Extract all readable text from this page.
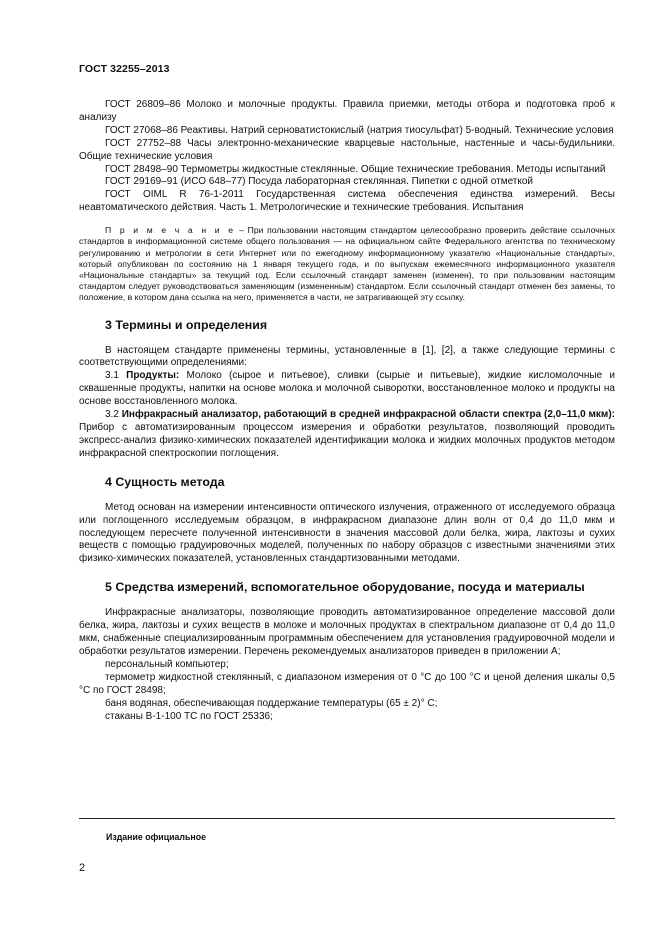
ГОСТ 32255–2013

ГОСТ 26809–86 Молоко и молочные продукты. Правила приемки, методы отбора и подготовка проб к анализу

ГОСТ 27068–86 Реактивы. Натрий серноватистокислый (натрия тиосульфат) 5-водный. Технические условия

ГОСТ 27752–88 Часы электронно-механические кварцевые настольные, настенные и часы-будильники. Общие технические условия

ГОСТ 28498–90 Термометры жидкостные стеклянные. Общие технические требования. Методы испытаний

ГОСТ 29169–91 (ИСО 648–77) Посуда лабораторная стеклянная. Пипетки с одной отметкой

ГОСТ OIML R 76-1-2011 Государственная система обеспечения единства измерений. Весы неавтоматического действия. Часть 1. Метрологические и технические требования. Испытания

П р и м е ч а н и е – При пользовании настоящим стандартом целесообразно проверить действие ссылочных стандартов в информационной системе общего пользования — на официальном сайте Федерального агентства по техническому регулированию и метрологии в сети Интернет или по ежегодному информационному указателю «Национальные стандарты», который опубликован по состоянию на 1 января текущего года, и по выпускам ежемесячного информационного указателя «Национальные стандарты» за текущий год. Если ссылочный стандарт заменен (изменен), то при пользовании настоящим стандартом следует руководствоваться заменяющим (измененным) стандартом. Если ссылочный стандарт отменен без замены, то положение, в котором дана ссылка на него, применяется в части, не затрагивающей эту ссылку.

3 Термины и определения

В настоящем стандарте применены термины, установленные в [1], [2], а также следующие термины с соответствующими определениями:

3.1 Продукты: Молоко (сырое и питьевое), сливки (сырые и питьевые), жидкие кисломолочные и сквашенные продукты, напитки на основе молока и молочной сыворотки, восстановленное молоко и продукты на основе восстановленного молока.

3.2 Инфракрасный анализатор, работающий в средней инфракрасной области спектра (2,0–11,0 мкм): Прибор с автоматизированным процессом измерения и обработки результатов, позволяющий проводить экспресс-анализ физико-химических показателей идентификации молока и жидких молочных продуктов методом инфракрасной спектроскопии поглощения.

4 Сущность метода

Метод основан на измерении интенсивности оптического излучения, отраженного от исследуемого образца или поглощенного исследуемым образцом, в инфракрасном диапазоне длин волн от 0,4 до 11,0 мкм и последующем пересчете полученной интенсивности в значения массовой доли белка, жира, лактозы и сухих веществ с помощью градуировочных моделей, полученных по набору образцов с известными значениями этих физико-химических показателей, установленных стандартизованными методами.

5 Средства измерений, вспомогательное оборудование, посуда и материалы

Инфракрасные анализаторы, позволяющие проводить автоматизированное определение массовой доли белка, жира, лактозы и сухих веществ в молоке и молочных продуктах в спектральном диапазоне от 0,4 до 11,0 мкм, снабженные специализированным программным обеспечением для установления градуировочной модели и обработки результатов измерении. Перечень рекомендуемых анализаторов приведен в приложении А;

персональный компьютер;

термометр жидкостной стеклянный, с диапазоном измерения от 0 °С до 100 °С и ценой деления шкалы 0,5 °С по ГОСТ 28498;

баня водяная, обеспечивающая поддержание температуры (65 ± 2)° С;

стаканы В-1-100 ТС по ГОСТ 25336;

Издание официальное
2
